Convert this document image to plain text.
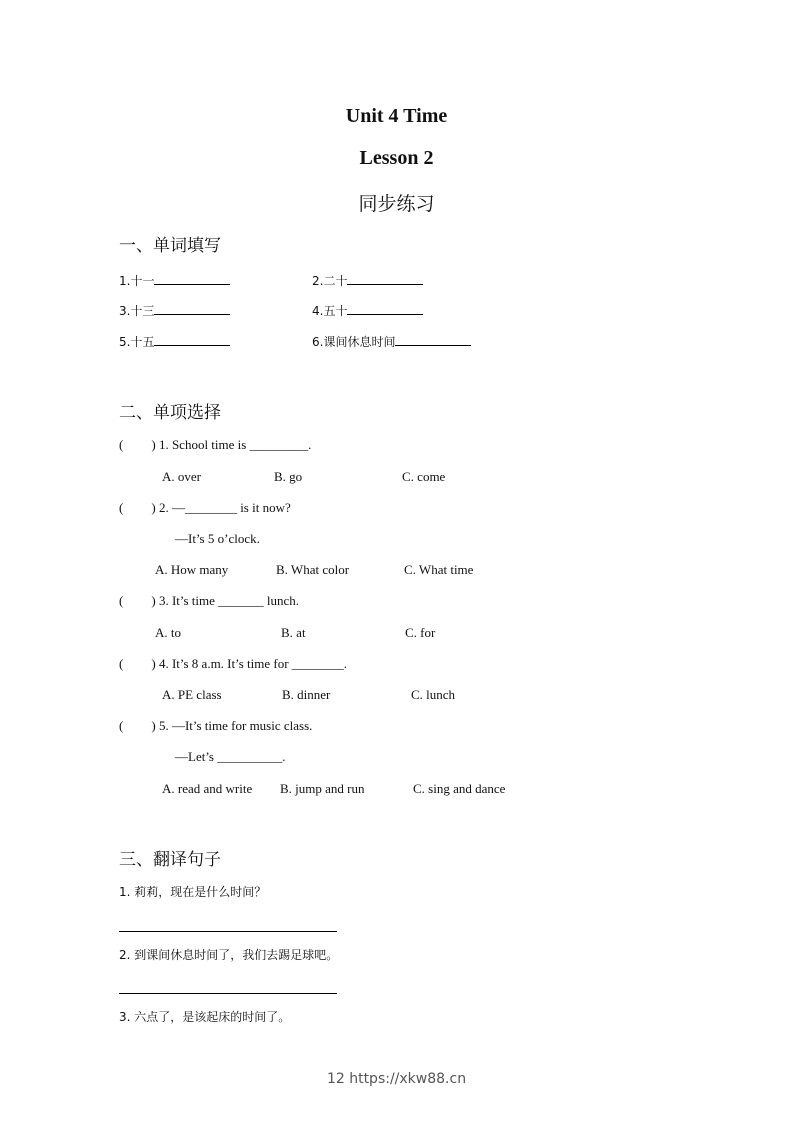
Unit 4 Time
Lesson 2
同步练习
一、单词填写
1.十一	2.二十
3.十三	4.五十
5.十五	6.课间休息时间
二、单项选择
( ) 1. School time is _________.
A. over	B. go	C. come
( ) 2. —________ is it now?
—It’s 5 o’clock.
A. How many	B. What color	C. What time
( ) 3. It’s time _______ lunch.
A. to	B. at	C. for
( ) 4. It’s 8 a.m. It’s time for ________.
A. PE class	B. dinner	C. lunch
( ) 5. —It’s time for music class.
—Let’s __________.
A. read and write B. jump and run	C. sing and dance
三、翻译句子
1. 莉莉，现在是什么时间？
2. 到课间休息时间了，我们去踢足球吧。
3. 六点了，是该起床的时间了。
12 https://xkw88.cn
